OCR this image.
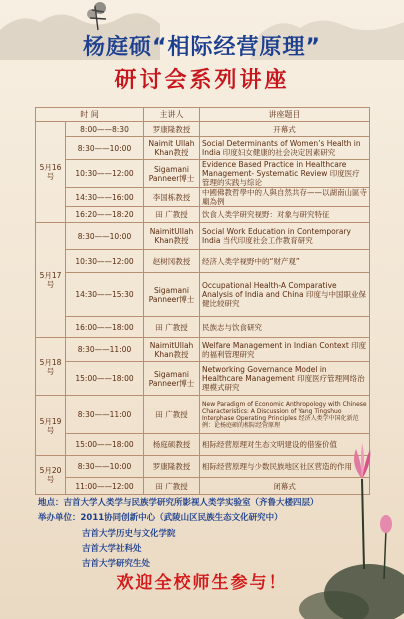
杨庭硕“相际经营原理”
研讨会系列讲座
时 间		主讲人	讲座题目
5月16号	8:00——8:30	罗康隆教授	开幕式
	8:30——10:00	Naimit Ullah Khan教授	Social Determinants of Women’s Health in India 印度妇女健康的社会决定因素研究
	10:30——12:00	Sigamani Panneer博士	Evidence Based Practice in Healthcare Management- Systematic Review 印度医疗管理的实践与综论
	14:30——16:00	李国栋教授	中國佛教哲學中的人與自然共存——以湖南山區寺廟為例
	16:20——18:20	田 广教授	饮食人类学研究视野：对象与研究特征
5月17号	8:30——10:00	NaimitUllah Khan教授	Social Work Education in Contemporary India 当代印度社会工作教育研究
	10:30——12:00	赵树冈教授	经济人类学视野中的“财产观”
	14:30——15:30	Sigamani Panneer博士	Occupational Health-A Comparative Analysis of India and China 印度与中国职业保健比较研究
	16:00——18:00	田 广教授	民族志与饮食研究
5月18号	8:30——11:00	NaimitUllah Khan教授	Welfare Management in Indian Context 印度的福利管理研究
	15:00——18:00	Sigamani Panneer博士	Networking Governance Model in Healthcare Management 印度医疗管理网络治理模式研究
5月19号	8:30——11:00	田 广教授	New Paradigm of Economic Anthropology with Chinese Characteristics: A Discussion of Yang Tingshuo Interphase Operating Principles 经济人类学中国化新范例：论杨庭硕的相际经营原理
	15:00——18:00	杨庭硕教授	相际经营原理对生态文明建设的借鉴价值
5月20号	8:30——10:00	罗康隆教授	相际经营原理与少数民族地区社区营造的作用
	11:00——12:00	田 广教授	闭幕式
地点：吉首大学人类学与民族学研究所影视人类学实验室（齐鲁大楼四层）
举办单位：2011协同创新中心（武陵山区民族生态文化研究中）
吉首大学历史与文化学院
吉首大学社科处
吉首大学研究生处
欢迎全校师生参与！
